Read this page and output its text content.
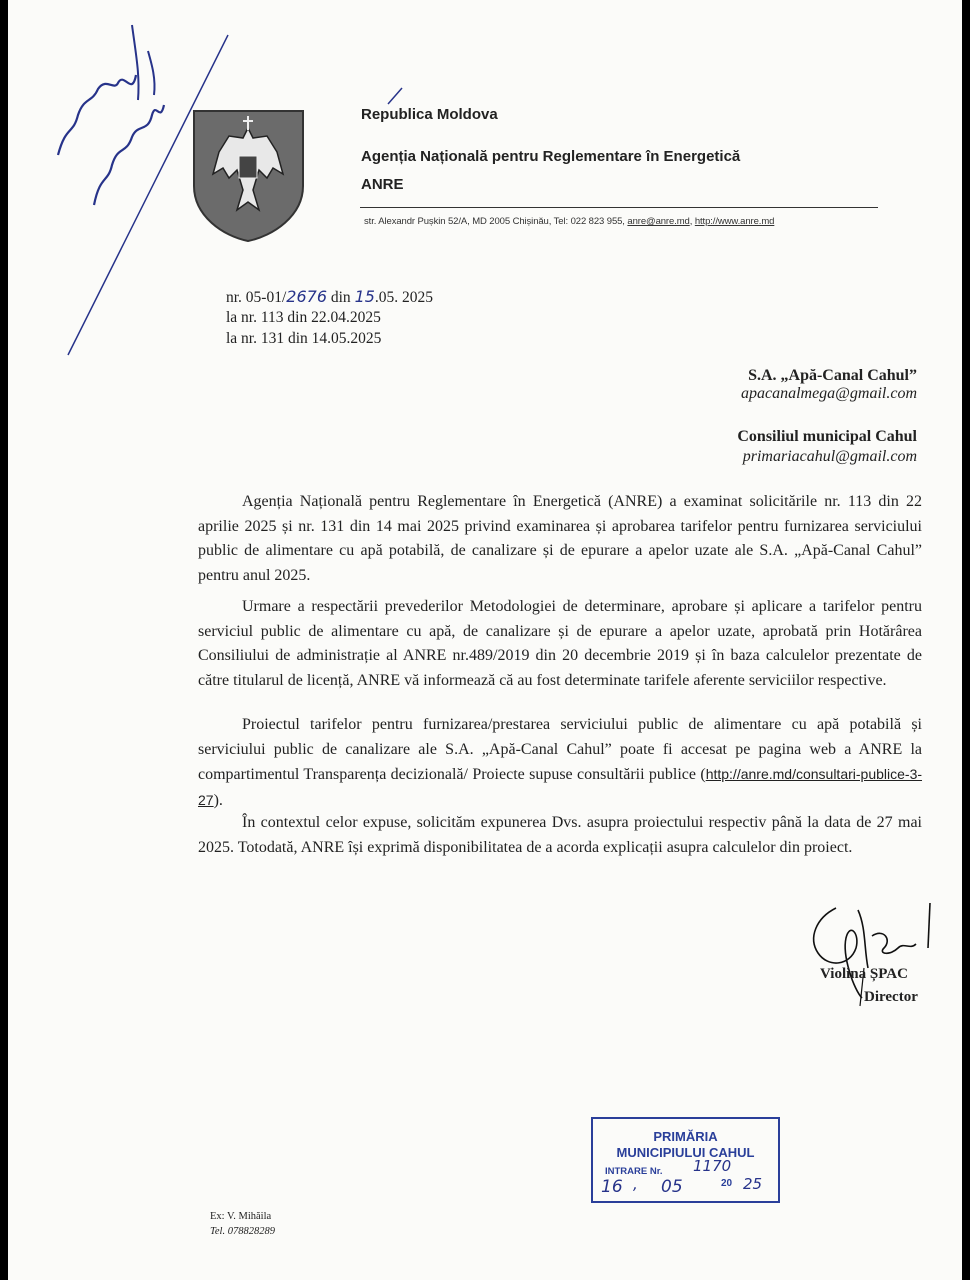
Republica Moldova
Agenția Națională pentru Reglementare în Energetică
ANRE
str. Alexandr Pușkin 52/A, MD 2005 Chișinău, Tel: 022 823 955, anre@anre.md, http://www.anre.md
nr. 05-01/2676 din 15.05. 2025
la nr. 113 din 22.04.2025
la nr. 131 din 14.05.2025
S.A. „Apă-Canal Cahul”
apacanalmega@gmail.com
Consiliul municipal Cahul
primariacahul@gmail.com

Agenția Națională pentru Reglementare în Energetică (ANRE) a examinat solicitările nr. 113 din 22 aprilie 2025 și nr. 131 din 14 mai 2025 privind examinarea și aprobarea tarifelor pentru furnizarea serviciului public de alimentare cu apă potabilă, de canalizare și de epurare a apelor uzate ale S.A. „Apă-Canal Cahul” pentru anul 2025.

Urmare a respectării prevederilor Metodologiei de determinare, aprobare și aplicare a tarifelor pentru serviciul public de alimentare cu apă, de canalizare și de epurare a apelor uzate, aprobată prin Hotărârea Consiliului de administrație al ANRE nr.489/2019 din 20 decembrie 2019 și în baza calculelor prezentate de către titularul de licență, ANRE vă informează că au fost determinate tarifele aferente serviciilor respective.

Proiectul tarifelor pentru furnizarea/prestarea serviciului public de alimentare cu apă potabilă și serviciului public de canalizare ale S.A. „Apă-Canal Cahul” poate fi accesat pe pagina web a ANRE la compartimentul Transparența decizională/ Proiecte supuse consultării publice (http://anre.md/consultari-publice-3-27).

În contextul celor expuse, solicităm expunerea Dvs. asupra proiectului respectiv până la data de 27 mai 2025. Totodată, ANRE își exprimă disponibilitatea de a acorda explicații asupra calculelor din proiect.

Violina ȘPAC
Director
PRIMĂRIA
MUNICIPIULUI CAHUL
INTRARE Nr. 1170
16 , 05	20 25
Ex: V. Mihăila
Tel. 078828289
